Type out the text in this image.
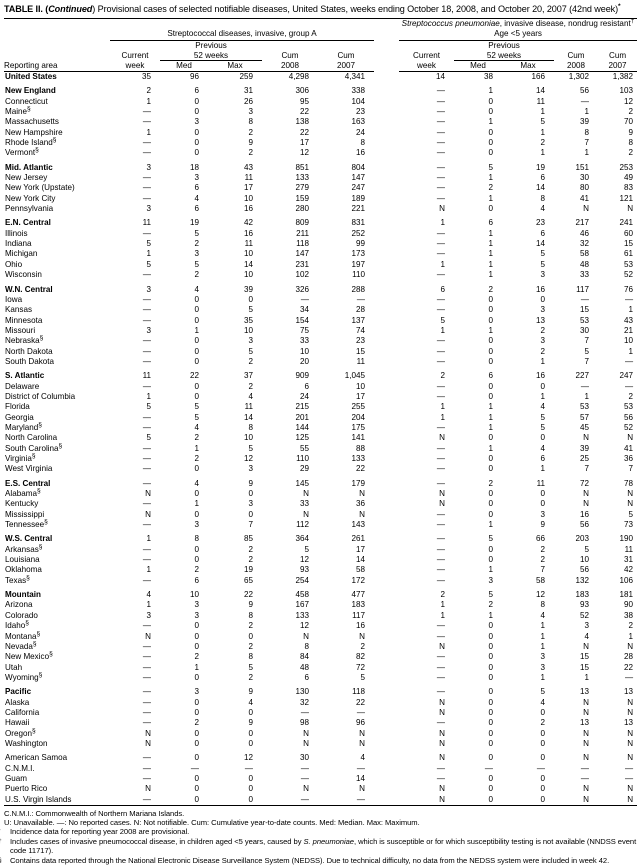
TABLE II. (Continued) Provisional cases of selected notifiable diseases, United States, weeks ending October 18, 2008, and October 20, 2007 (42nd week)*
	Streptococcal diseases, invasive, group A						Streptococcus pneumoniae, invasive disease, nondrug resistant†
Age <5 years				
		Previous						Previous			
	Current	52 weeks		Cum	Cum		Current	52 weeks		Cum	Cum
Reporting area	week	Med	Max	2008	2007		week	Med	Max	2008	2007
United States	35	96	259	4,298	4,341		14	38	166	1,302	1,382

New England	2	6	31	306	338		—	1	14	56	103
Connecticut	1	0	26	95	104		—	0	11	—	12
Maine§	—	0	3	22	23		—	0	1	1	2
Massachusetts	—	3	8	138	163		—	1	5	39	70
New Hampshire	1	0	2	22	24		—	0	1	8	9
Rhode Island§	—	0	9	17	8		—	0	2	7	8
Vermont§	—	0	2	12	16		—	0	1	1	2

Mid. Atlantic	3	18	43	851	804		—	5	19	151	253
New Jersey	—	3	11	133	147		—	1	6	30	49
New York (Upstate)	—	6	17	279	247		—	2	14	80	83
New York City	—	4	10	159	189		—	1	8	41	121
Pennsylvania	3	6	16	280	221		N	0	4	N	N

E.N. Central	11	19	42	809	831		1	6	23	217	241
Illinois	—	5	16	211	252		—	1	6	46	60
Indiana	5	2	11	118	99		—	1	14	32	15
Michigan	1	3	10	147	173		—	1	5	58	61
Ohio	5	5	14	231	197		1	1	5	48	53
Wisconsin	—	2	10	102	110		—	1	3	33	52

W.N. Central	3	4	39	326	288		6	2	16	117	76
Iowa	—	0	0	—	—		—	0	0	—	—
Kansas	—	0	5	34	28		—	0	3	15	1
Minnesota	—	0	35	154	137		5	0	13	53	43
Missouri	3	1	10	75	74		1	1	2	30	21
Nebraska§	—	0	3	33	23		—	0	3	7	10
North Dakota	—	0	5	10	15		—	0	2	5	1
South Dakota	—	0	2	20	11		—	0	1	7	—

S. Atlantic	11	22	37	909	1,045		2	6	16	227	247
Delaware	—	0	2	6	10		—	0	0	—	—
District of Columbia	1	0	4	24	17		—	0	1	1	2
Florida	5	5	11	215	255		1	1	4	53	53
Georgia	—	5	14	201	204		1	1	5	57	56
Maryland§	—	4	8	144	175		—	1	5	45	52
North Carolina	5	2	10	125	141		N	0	0	N	N
South Carolina§	—	1	5	55	88		—	1	4	39	41
Virginia§	—	2	12	110	133		—	0	6	25	36
West Virginia	—	0	3	29	22		—	0	1	7	7

E.S. Central	—	4	9	145	179		—	2	11	72	78
Alabama§	N	0	0	N	N		N	0	0	N	N
Kentucky	—	1	3	33	36		N	0	0	N	N
Mississippi	N	0	0	N	N		—	0	3	16	5
Tennessee§	—	3	7	112	143		—	1	9	56	73

W.S. Central	1	8	85	364	261		—	5	66	203	190
Arkansas§	—	0	2	5	17		—	0	2	5	11
Louisiana	—	0	2	12	14		—	0	2	10	31
Oklahoma	1	2	19	93	58		—	1	7	56	42
Texas§	—	6	65	254	172		—	3	58	132	106

Mountain	4	10	22	458	477		2	5	12	183	181
Arizona	1	3	9	167	183		1	2	8	93	90
Colorado	3	3	8	133	117		1	1	4	52	38
Idaho§	—	0	2	12	16		—	0	1	3	2
Montana§	N	0	0	N	N		—	0	1	4	1
Nevada§	—	0	2	8	2		N	0	1	N	N
New Mexico§	—	2	8	84	82		—	0	3	15	28
Utah	—	1	5	48	72		—	0	3	15	22
Wyoming§	—	0	2	6	5		—	0	1	1	—

Pacific	—	3	9	130	118		—	0	5	13	13
Alaska	—	0	4	32	22		N	0	4	N	N
California	—	0	0	—	—		N	0	0	N	N
Hawaii	—	2	9	98	96		—	0	2	13	13
Oregon§	N	0	0	N	N		N	0	0	N	N
Washington	N	0	0	N	N		N	0	0	N	N

American Samoa	—	0	12	30	4		N	0	0	N	N
C.N.M.I.	—	—	—	—	—		—	—	—	—	—
Guam	—	0	0	—	14		—	0	0	—	—
Puerto Rico	N	0	0	N	N		N	0	0	N	N
U.S. Virgin Islands	—	0	0	—	—		N	0	0	N	N
C.N.M.I.: Commonwealth of Northern Mariana Islands.
U: Unavailable. —: No reported cases. N: Not notifiable. Cum: Cumulative year-to-date counts. Med: Median. Max: Maximum.
Incidence data for reporting year 2008 are provisional.
Includes cases of invasive pneumococcal disease, in children aged <5 years, caused by S. pneumoniae, which is susceptible or for which susceptibility testing is not available (NNDSS event code 11717).
Contains data reported through the National Electronic Disease Surveillance System (NEDSS). Due to technical difficulty, no data from the NEDSS system were included in week 42.
